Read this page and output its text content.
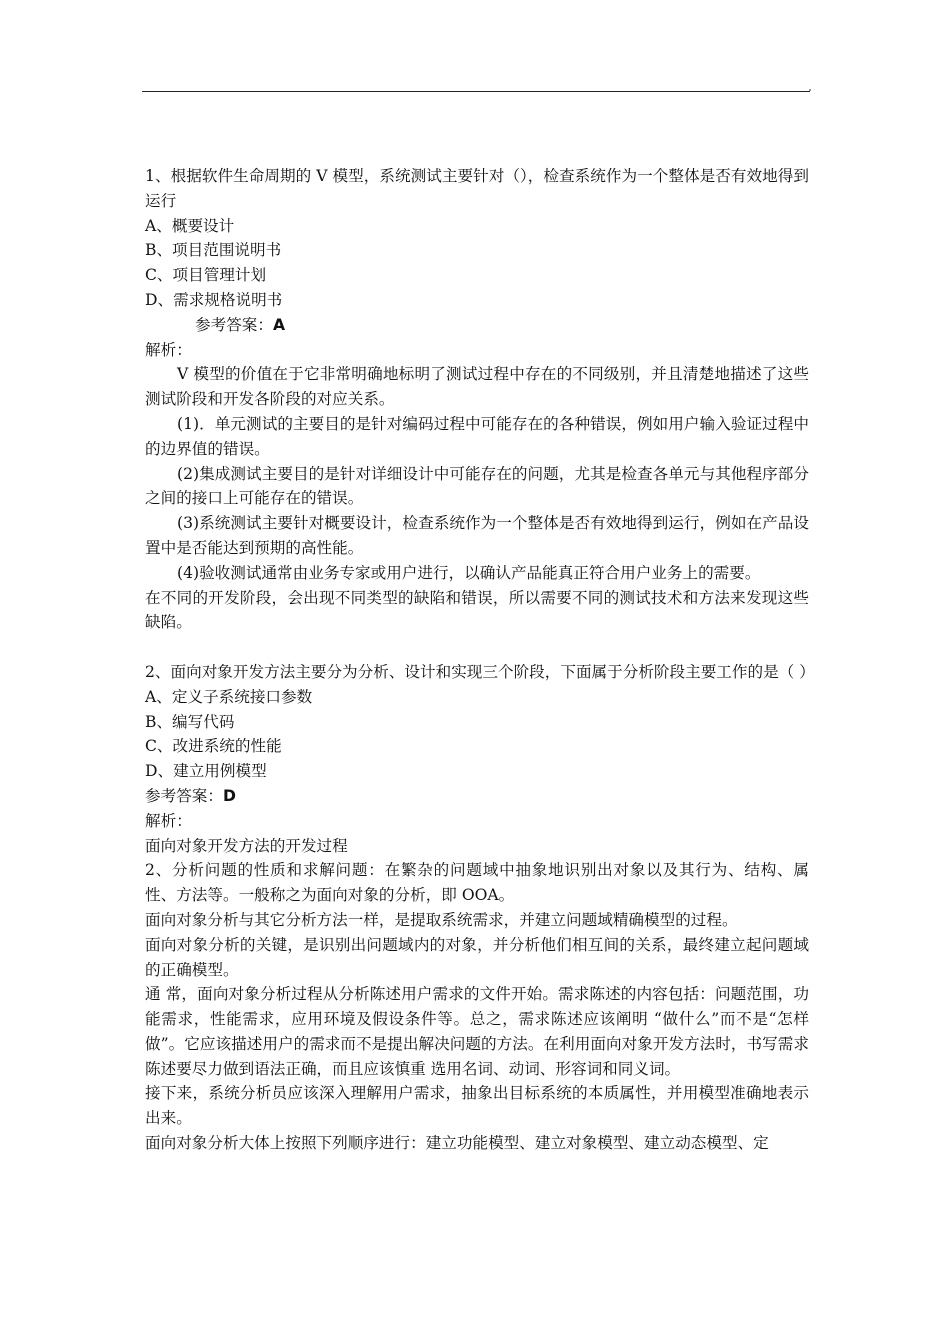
1、根据软件生命周期的 V 模型，系统测试主要针对（），检查系统作为一个整体是否有效地得到运行

A、概要设计

B、项目范围说明书

C、项目管理计划

D、需求规格说明书

参考答案：A

解析：

V 模型的价值在于它非常明确地标明了测试过程中存在的不同级别，并且清楚地描述了这些测试阶段和开发各阶段的对应关系。

(1)．单元测试的主要目的是针对编码过程中可能存在的各种错误，例如用户输入验证过程中的边界值的错误。

(2)集成测试主要目的是针对详细设计中可能存在的问题，尤其是检查各单元与其他程序部分之间的接口上可能存在的错误。

(3)系统测试主要针对概要设计，检查系统作为一个整体是否有效地得到运行，例如在产品设置中是否能达到预期的高性能。

(4)验收测试通常由业务专家或用户进行，以确认产品能真正符合用户业务上的需要。

在不同的开发阶段，会出现不同类型的缺陷和错误，所以需要不同的测试技术和方法来发现这些缺陷。

2、面向对象开发方法主要分为分析、设计和实现三个阶段，下面属于分析阶段主要工作的是（ ）

A、定义子系统接口参数

B、编写代码

C、改进系统的性能

D、建立用例模型

参考答案：D

解析：

面向对象开发方法的开发过程

2、分析问题的性质和求解问题：在繁杂的问题域中抽象地识别出对象以及其行为、结构、属性、方法等。一般称之为面向对象的分析，即 OOA。

面向对象分析与其它分析方法一样，是提取系统需求，并建立问题域精确模型的过程。

面向对象分析的关键，是识别出问题域内的对象，并分析他们相互间的关系，最终建立起问题域的正确模型。

通 常，面向对象分析过程从分析陈述用户需求的文件开始。需求陈述的内容包括：问题范围，功能需求，性能需求，应用环境及假设条件等。总之，需求陈述应该阐明 “做什么”而不是“怎样做”。它应该描述用户的需求而不是提出解决问题的方法。在利用面向对象开发方法时，书写需求陈述要尽力做到语法正确，而且应该慎重 选用名词、动词、形容词和同义词。

接下来，系统分析员应该深入理解用户需求，抽象出目标系统的本质属性，并用模型准确地表示出来。

面向对象分析大体上按照下列顺序进行：建立功能模型、建立对象模型、建立动态模型、定
